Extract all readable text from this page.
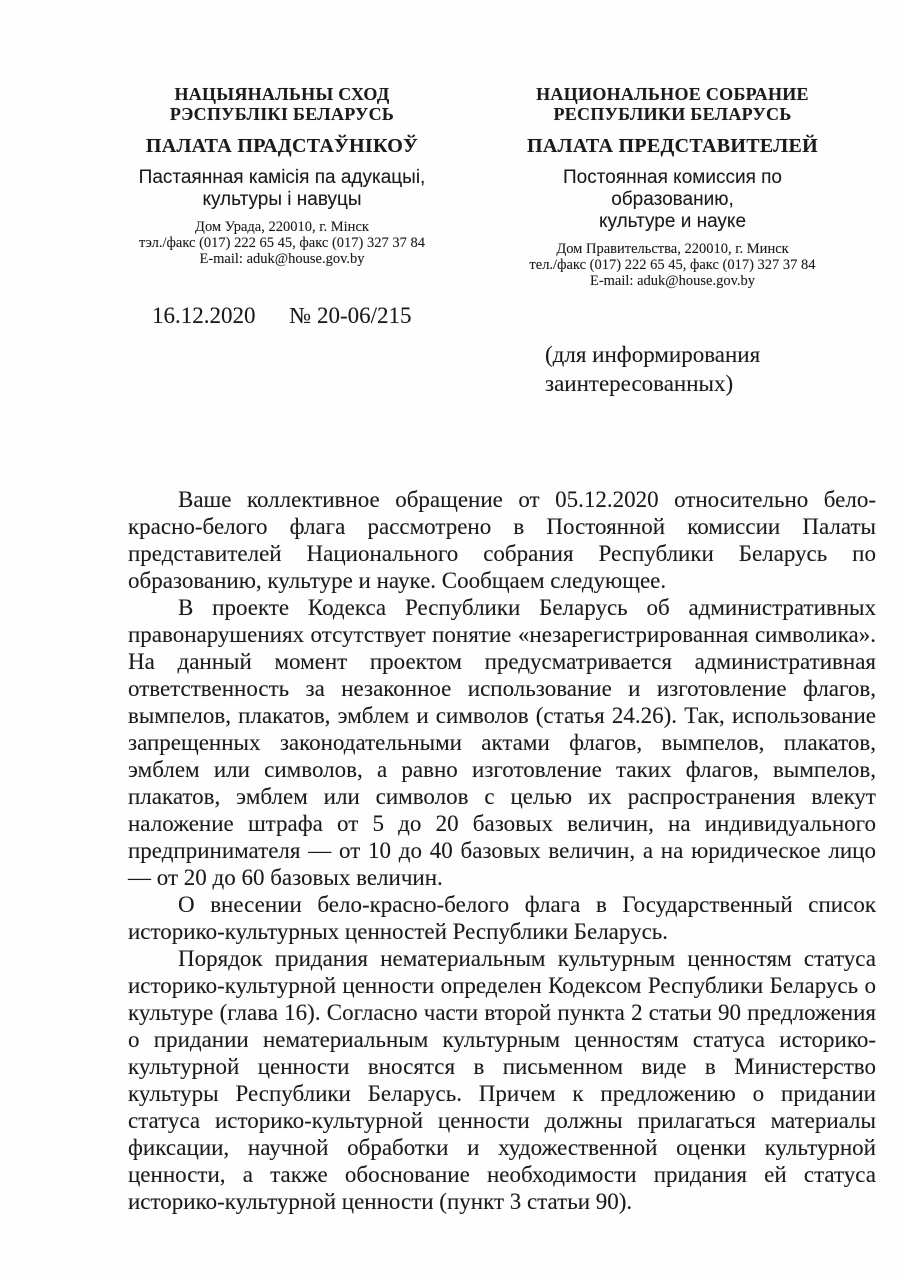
НАЦЫЯНАЛЬНЫ СХОД
РЭСПУБЛІКІ БЕЛАРУСЬ
ПАЛАТА ПРАДСТАЎНІКОЎ
Пастаянная камісія па адукацыі,
культуры і навуцы
Дом Урада, 220010, г. Мінск
тэл./факс (017) 222 65 45, факс (017) 327 37 84
E-mail: aduk@house.gov.by
НАЦИОНАЛЬНОЕ СОБРАНИЕ
РЕСПУБЛИКИ БЕЛАРУСЬ
ПАЛАТА ПРЕДСТАВИТЕЛЕЙ
Постоянная комиссия по образованию,
культуре и науке
Дом Правительства, 220010, г. Минск
тел./факс (017) 222 65 45, факс (017) 327 37 84
E-mail: aduk@house.gov.by
16.12.2020 № 20-06/215
(для информирования
заинтересованных)

Ваше коллективное обращение от 05.12.2020 относительно бело-красно-белого флага рассмотрено в Постоянной комиссии Палаты представителей Национального собрания Республики Беларусь по образованию, культуре и науке. Сообщаем следующее.

В проекте Кодекса Республики Беларусь об административных правонарушениях отсутствует понятие «незарегистрированная символика». На данный момент проектом предусматривается административная ответственность за незаконное использование и изготовление флагов, вымпелов, плакатов, эмблем и символов (статья 24.26). Так, использование запрещенных законодательными актами флагов, вымпелов, плакатов, эмблем или символов, а равно изготовление таких флагов, вымпелов, плакатов, эмблем или символов с целью их распространения влекут наложение штрафа от 5 до 20 базовых величин, на индивидуального предпринимателя — от 10 до 40 базовых величин, а на юридическое лицо — от 20 до 60 базовых величин.

О внесении бело-красно-белого флага в Государственный список историко-культурных ценностей Республики Беларусь.

Порядок придания нематериальным культурным ценностям статуса историко-культурной ценности определен Кодексом Республики Беларусь о культуре (глава 16). Согласно части второй пункта 2 статьи 90 предложения о придании нематериальным культурным ценностям статуса историко-культурной ценности вносятся в письменном виде в Министерство культуры Республики Беларусь. Причем к предложению о придании статуса историко-культурной ценности должны прилагаться материалы фиксации, научной обработки и художественной оценки культурной ценности, а также обоснование необходимости придания ей статуса историко-культурной ценности (пункт 3 статьи 90).
